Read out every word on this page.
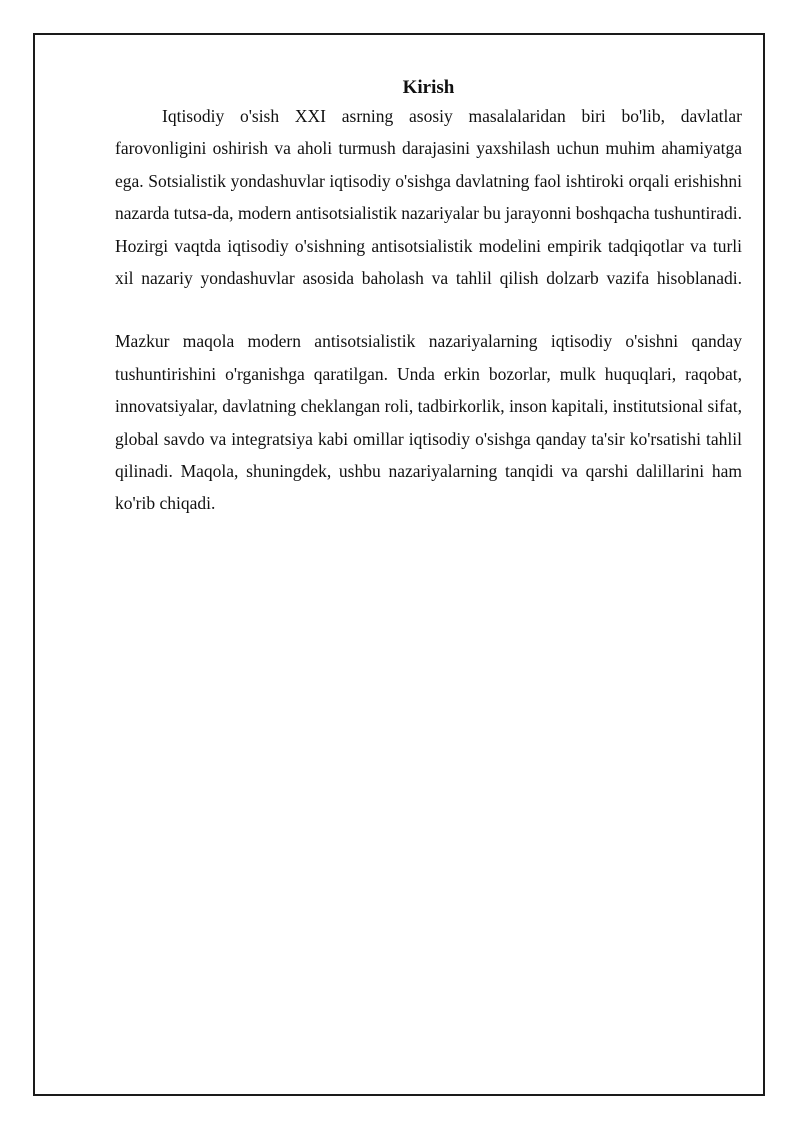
Kirish

Iqtisodiy o'sish XXI asrning asosiy masalalaridan biri bo'lib, davlatlar farovonligini oshirish va aholi turmush darajasini yaxshilash uchun muhim ahamiyatga ega. Sotsialistik yondashuvlar iqtisodiy o'sishga davlatning faol ishtiroki orqali erishishni nazarda tutsa-da, modern antisotsialistik nazariyalar bu jarayonni boshqacha tushuntiradi. Hozirgi vaqtda iqtisodiy o'sishning antisotsialistik modelini empirik tadqiqotlar va turli xil nazariy yondashuvlar asosida baholash va tahlil qilish dolzarb vazifa hisoblanadi.

Mazkur maqola modern antisotsialistik nazariyalarning iqtisodiy o'sishni qanday tushuntirishini o'rganishga qaratilgan. Unda erkin bozorlar, mulk huquqlari, raqobat, innovatsiyalar, davlatning cheklangan roli, tadbirkorlik, inson kapitali, institutsional sifat, global savdo va integratsiya kabi omillar iqtisodiy o'sishga qanday ta'sir ko'rsatishi tahlil qilinadi. Maqola, shuningdek, ushbu nazariyalarning tanqidi va qarshi dalillarini ham ko'rib chiqadi.
